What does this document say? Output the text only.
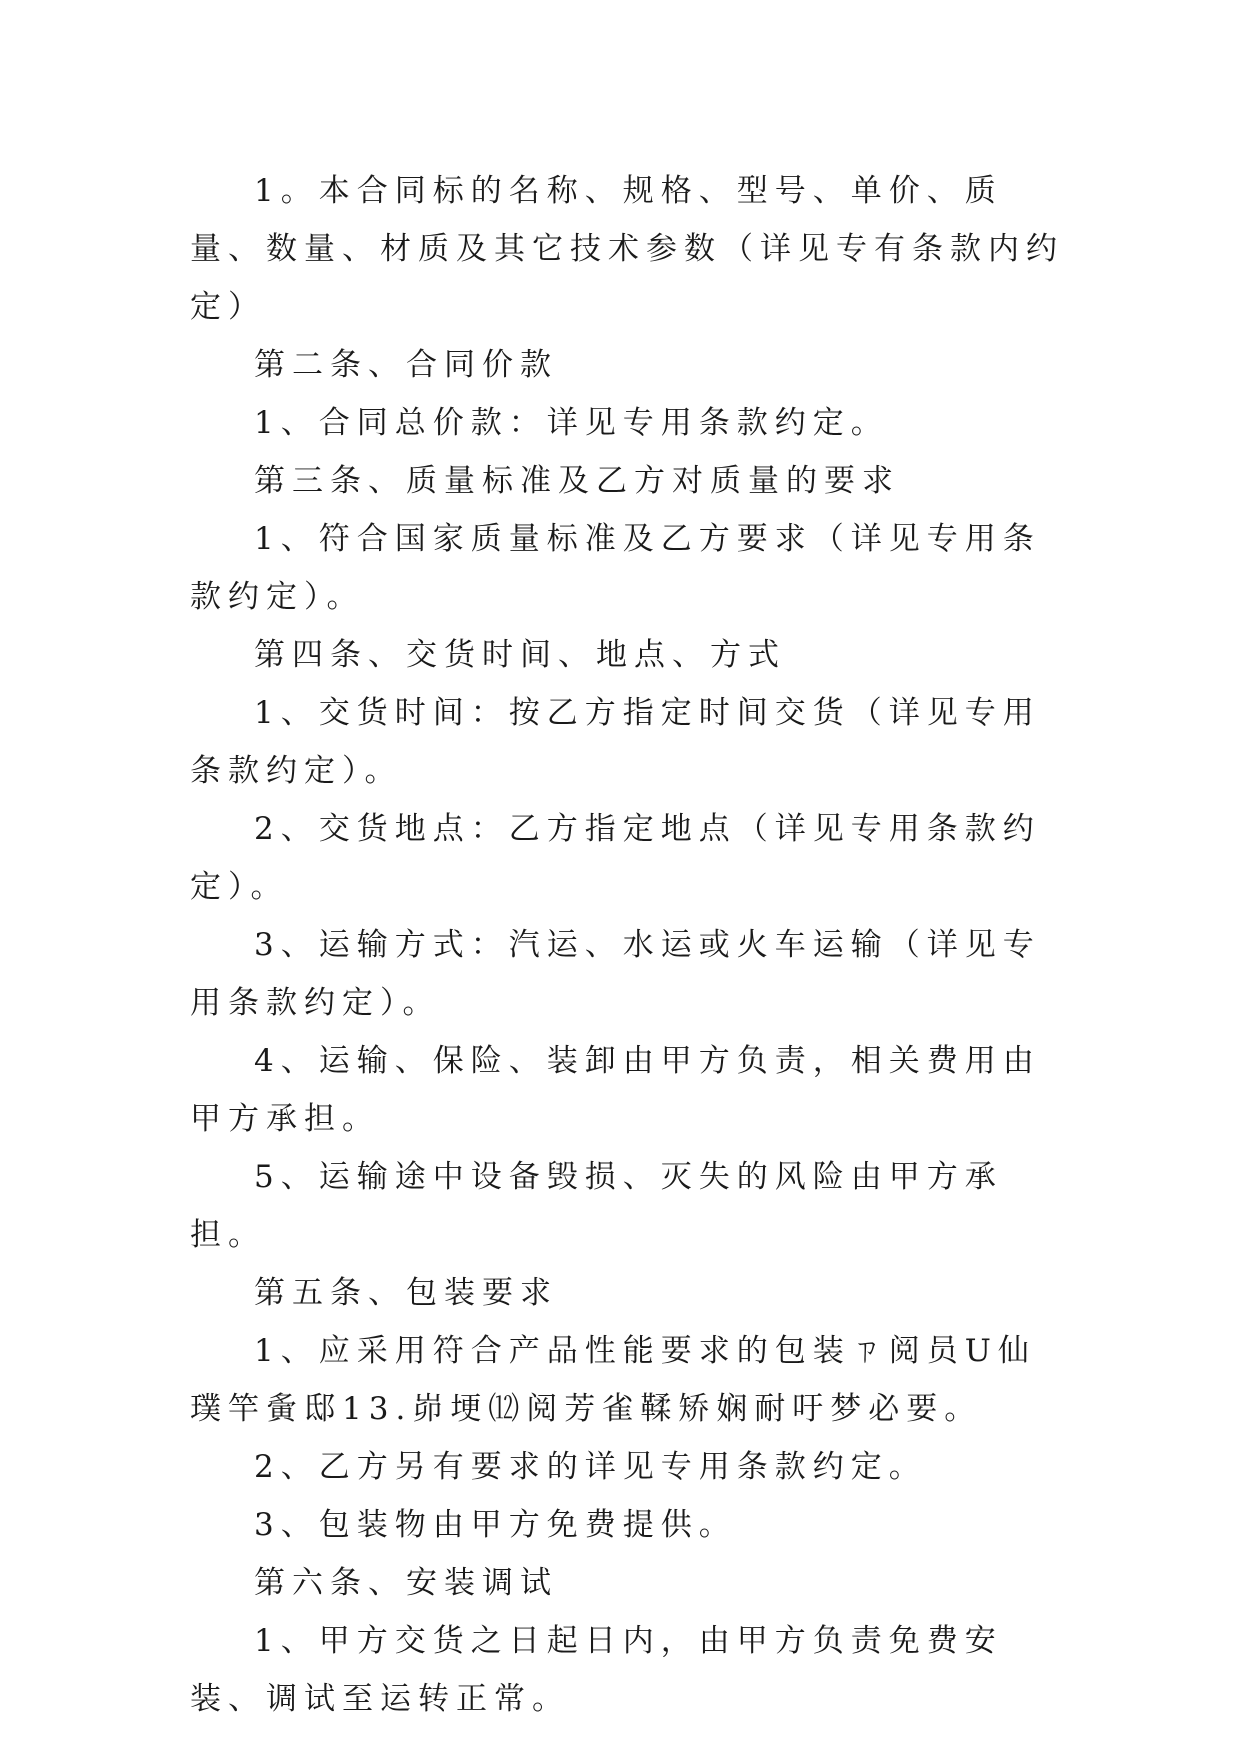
1。本合同标的名称、规格、型号、单价、质量、数量、材质及其它技术参数（详见专有条款内约定）

第二条、合同价款

1、合同总价款：详见专用条款约定。

第三条、质量标准及乙方对质量的要求

1、符合国家质量标准及乙方要求（详见专用条款约定）。

第四条、交货时间、地点、方式

1、交货时间：按乙方指定时间交货（详见专用条款约定）。

2、交货地点：乙方指定地点（详见专用条款约定）。

3、运输方式：汽运、水运或火车运输（详见专用条款约定）。

4、运输、保险、装卸由甲方负责，相关费用由甲方承担。

5、运输途中设备毁损、灭失的风险由甲方承担。

第五条、包装要求

1、应采用符合产品性能要求的包装ㄗ阅员U仙璞竿夤邸13.峁埂⑿阅芳雀鞣矫娴耐吁梦必要。

2、乙方另有要求的详见专用条款约定。

3、包装物由甲方免费提供。

第六条、安装调试

1、甲方交货之日起日内，由甲方负责免费安装、调试至运转正常。
